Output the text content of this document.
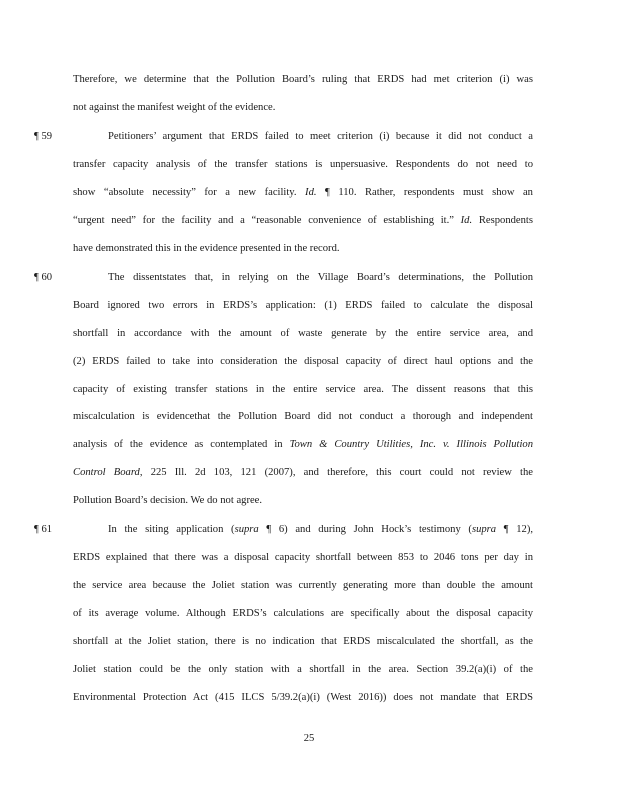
Therefore, we determine that the Pollution Board’s ruling that ERDS had met criterion (i) was
not against the manifest weight of the evidence.
¶ 59	Petitioners’ argument that ERDS failed to meet criterion (i) because it did not conduct a
transfer capacity analysis of the transfer stations is unpersuasive. Respondents do not need to
show “absolute necessity” for a new facility. Id. ¶ 110. Rather, respondents must show an
“urgent need” for the facility and a “reasonable convenience of establishing it.” Id. Respondents
have demonstrated this in the evidence presented in the record.
¶ 60	The dissentstates that, in relying on the Village Board’s determinations, the Pollution
Board ignored two errors in ERDS’s application: (1) ERDS failed to calculate the disposal
shortfall in accordance with the amount of waste generate by the entire service area, and
(2) ERDS failed to take into consideration the disposal capacity of direct haul options and the
capacity of existing transfer stations in the entire service area. The dissent reasons that this
miscalculation is evidencethat the Pollution Board did not conduct a thorough and independent
analysis of the evidence as contemplated in Town & Country Utilities, Inc. v. Illinois Pollution
Control Board, 225 Ill. 2d 103, 121 (2007), and therefore, this court could not review the
Pollution Board’s decision. We do not agree.
¶ 61	In the siting application (supra ¶ 6) and during John Hock’s testimony (supra ¶ 12),
ERDS explained that there was a disposal capacity shortfall between 853 to 2046 tons per day in
the service area because the Joliet station was currently generating more than double the amount
of its average volume. Although ERDS’s calculations are specifically about the disposal capacity
shortfall at the Joliet station, there is no indication that ERDS miscalculated the shortfall, as the
Joliet station could be the only station with a shortfall in the area. Section 39.2(a)(i) of the
Environmental Protection Act (415 ILCS 5/39.2(a)(i) (West 2016)) does not mandate that ERDS
25
